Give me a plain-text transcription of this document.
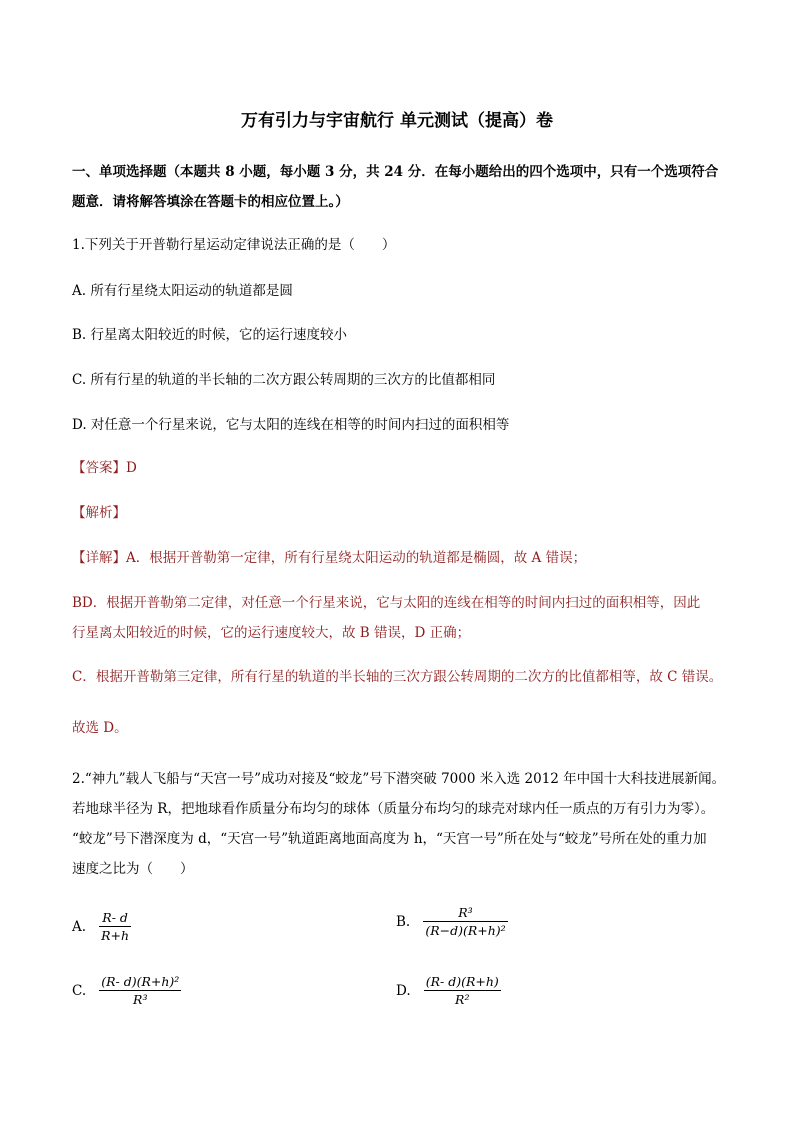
万有引力与宇宙航行 单元测试（提高）卷
一、单项选择题（本题共 8 小题，每小题 3 分，共 24 分．在每小题给出的四个选项中，只有一个选项符合
题意．请将解答填涂在答题卡的相应位置上。）
1.下列关于开普勒行星运动定律说法正确的是（　　）
A. 所有行星绕太阳运动的轨道都是圆
B. 行星离太阳较近的时候，它的运行速度较小
C. 所有行星的轨道的半长轴的二次方跟公转周期的三次方的比值都相同
D. 对任意一个行星来说，它与太阳的连线在相等的时间内扫过的面积相等
【答案】D
【解析】
【详解】A．根据开普勒第一定律，所有行星绕太阳运动的轨道都是椭圆，故 A 错误；
BD．根据开普勒第二定律，对任意一个行星来说，它与太阳的连线在相等的时间内扫过的面积相等，因此
行星离太阳较近的时候，它的运行速度较大，故 B 错误，D 正确；
C．根据开普勒第三定律，所有行星的轨道的半长轴的三次方跟公转周期的二次方的比值都相等，故 C 错误。
故选 D。
2.“神九”载人飞船与“天宫一号”成功对接及“蛟龙”号下潜突破 7000 米入选 2012 年中国十大科技进展新闻。
若地球半径为 R，把地球看作质量分布均匀的球体（质量分布均匀的球壳对球内任一质点的万有引力为零）。
“蛟龙”号下潜深度为 d，“天宫一号”轨道距离地面高度为 h，“天宫一号”所在处与“蛟龙”号所在处的重力加
速度之比为（　　）
A. $\frac{R- d}{R+h}$	B. $\frac{\text{R³}}{\text{(R−d)(R+h)²}}$
C. $\frac{\text{(R- d)(R+h)²}}{\text{R³}}$	D. $\frac{(R- d)(R+h)}{\text{R²}}$
